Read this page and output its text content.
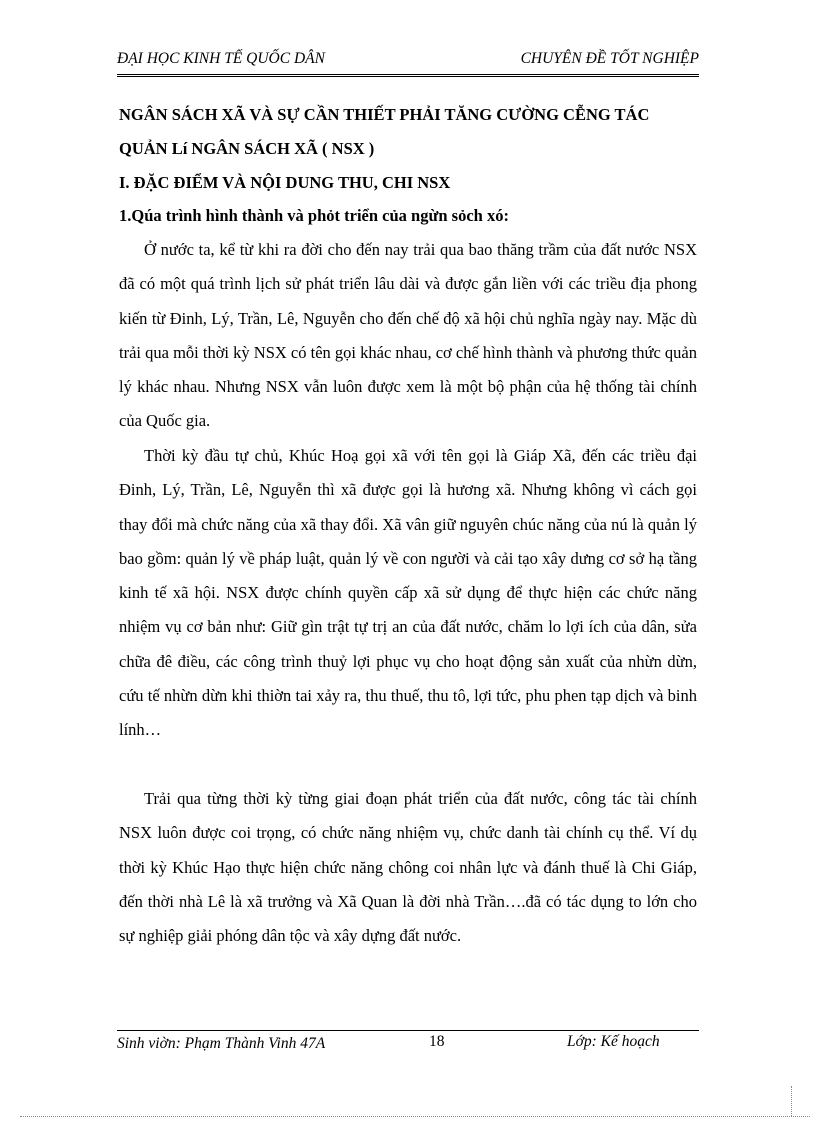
ĐẠI HỌC KINH TẾ QUỐC DÂN	CHUYÊN ĐỀ TỐT NGHIỆP
NGÂN SÁCH XÃ VÀ SỰ CẦN THIẾT PHẢI TĂNG CƯỜNG CỄNG TÁC QUẢN Lí NGÂN SÁCH XÃ ( NSX )
I. ĐẶC ĐIỂM VÀ NỘI DUNG THU, CHI NSX
1.Qúa trình hình thành và phỏt triển của ngừn sỏch xó:

Ở nước ta, kể từ khi ra đời cho đến nay trải qua bao thăng trầm của đất nước NSX đã có một quá trình lịch sử phát triển lâu dài và được gắn liền với các triều địa phong kiến từ Đinh, Lý, Trần, Lê, Nguyễn cho đến chế độ xã hội chủ nghĩa ngày nay. Mặc dù trải qua mỗi thời kỳ NSX có tên gọi khác nhau, cơ chế hình thành và phương thức quản lý khác nhau. Nhưng NSX vẫn luôn được xem là một bộ phận của hệ thống tài chính của Quốc gia.

Thời kỳ đầu tự chủ, Khúc Hoạ gọi xã với tên gọi là Giáp Xã, đến các triều đại Đinh, Lý, Trần, Lê, Nguyễn thì xã được gọi là hương xã. Nhưng không vì cách gọi thay đổi mà chức năng của xã thay đổi. Xã vân giữ nguyên chúc năng của nú là quản lý bao gồm: quản lý về pháp luật, quản lý về con người và cải tạo xây dưng cơ sở hạ tầng kinh tế xã hội. NSX được chính quyền cấp xã sử dụng để thực hiện các chức năng nhiệm vụ cơ bản như: Giữ gìn trật tự trị an của đất nước, chăm lo lợi ích của dân, sửa chữa đê điều, các công trình thuỷ lợi phục vụ cho hoạt động sản xuất của nhừn dừn, cứu tế nhừn dừn khi thiờn tai xảy ra, thu thuế, thu tô, lợi tức, phu phen tạp dịch và binh lính…

Trải qua từng thời kỳ từng giai đoạn phát triển của đất nước, công tác tài chính NSX luôn được coi trọng, có chức năng nhiệm vụ, chức danh tài chính cụ thể. Ví dụ thời kỳ Khúc Hạo thực hiện chức năng chông coi nhân lực và đánh thuế là Chi Giáp, đến thời nhà Lê là xã trưởng và Xã Quan là đời nhà Trần….đã có tác dụng to lớn cho sự nghiệp giải phóng dân tộc và xây dựng đất nước.

Sinh viờn: Phạm Thành Vinh 47A	18	Lớp: Kế hoạch
